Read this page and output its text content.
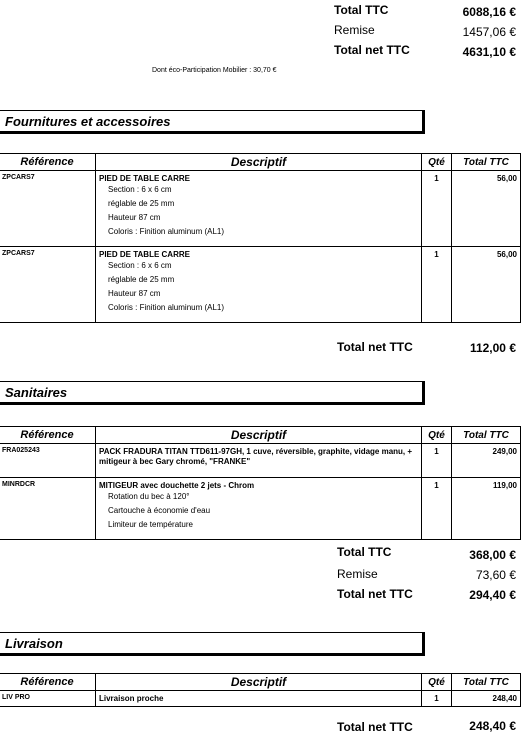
Total TTC	6088,16 €
Remise	1457,06 €
Total net TTC	4631,10 €
Dont éco-Participation Mobilier : 30,70 €
Fournitures et accessoires
Référence	Descriptif	Qté	Total TTC
ZPCARS7	PIED DE TABLE CARRE
Section : 6 x 6 cm
réglable de 25 mm
Hauteur 87 cm
Coloris : Finition aluminum (AL1)	1	56,00
ZPCARS7	PIED DE TABLE CARRE
Section : 6 x 6 cm
réglable de 25 mm
Hauteur 87 cm
Coloris : Finition aluminum (AL1)	1	56,00
Total net TTC	112,00 €
Sanitaires
Référence	Descriptif	Qté	Total TTC
FRA025243	PACK FRADURA TITAN TTD611-97GH, 1 cuve, réversible, graphite, vidage manu, + mitigeur à bec Gary chromé, "FRANKE"	1	249,00
MINRDCR	MITIGEUR avec douchette 2 jets - Chrom
Rotation du bec à 120°
Cartouche à économie d'eau
Limiteur de température	1	119,00
Total TTC	368,00 €
Remise	73,60 €
Total net TTC	294,40 €
Livraison
Référence	Descriptif	Qté	Total TTC
LIV PRO	Livraison proche	1	248,40
Total net TTC	248,40 €
